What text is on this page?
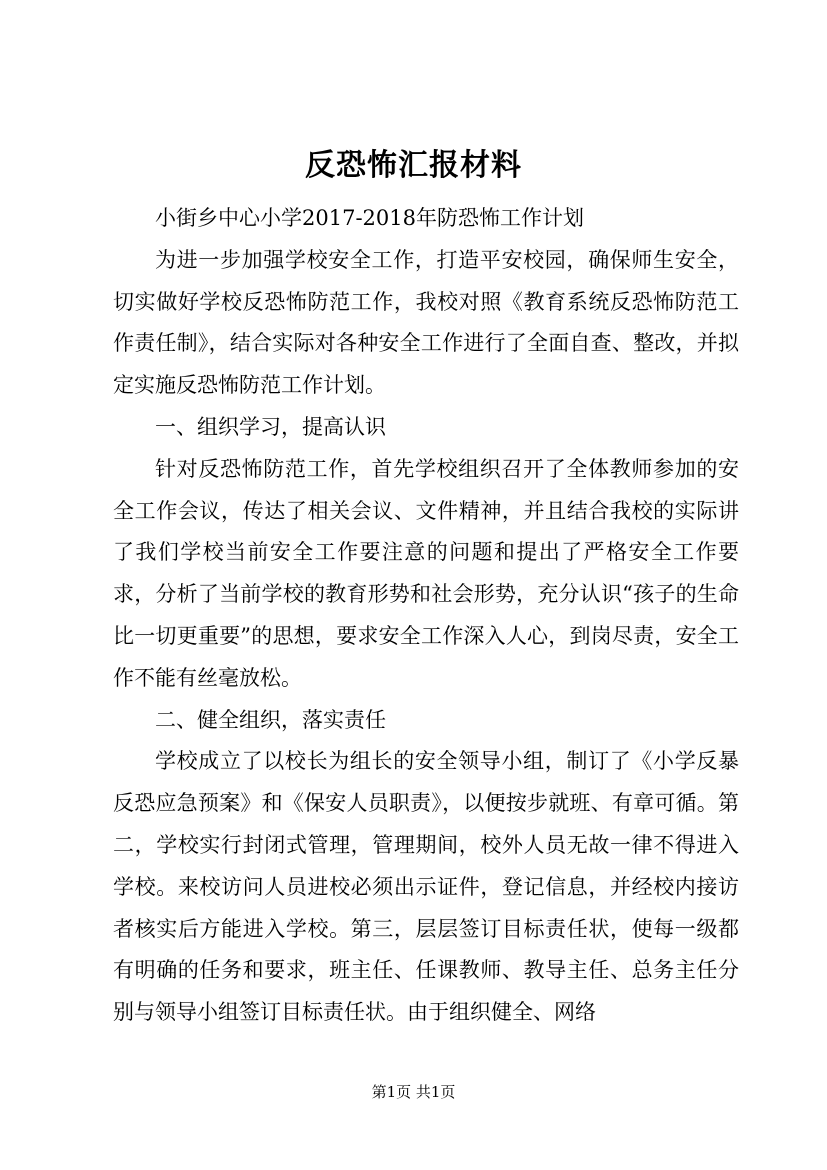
反恐怖汇报材料

小街乡中心小学2017-2018年防恐怖工作计划

为进一步加强学校安全工作，打造平安校园，确保师生安全，切实做好学校反恐怖防范工作，我校对照《教育系统反恐怖防范工作责任制》，结合实际对各种安全工作进行了全面自查、整改，并拟定实施反恐怖防范工作计划。

一、组织学习，提高认识

针对反恐怖防范工作，首先学校组织召开了全体教师参加的安全工作会议，传达了相关会议、文件精神，并且结合我校的实际讲了我们学校当前安全工作要注意的问题和提出了严格安全工作要求，分析了当前学校的教育形势和社会形势，充分认识“孩子的生命比一切更重要”的思想，要求安全工作深入人心，到岗尽责，安全工作不能有丝毫放松。

二、健全组织，落实责任

学校成立了以校长为组长的安全领导小组，制订了《小学反暴反恐应急预案》和《保安人员职责》，以便按步就班、有章可循。第二，学校实行封闭式管理，管理期间，校外人员无故一律不得进入学校。来校访问人员进校必须出示证件，登记信息，并经校内接访者核实后方能进入学校。第三，层层签订目标责任状，使每一级都有明确的任务和要求，班主任、任课教师、教导主任、总务主任分别与领导小组签订目标责任状。由于组织健全、网络

第1页 共1页
